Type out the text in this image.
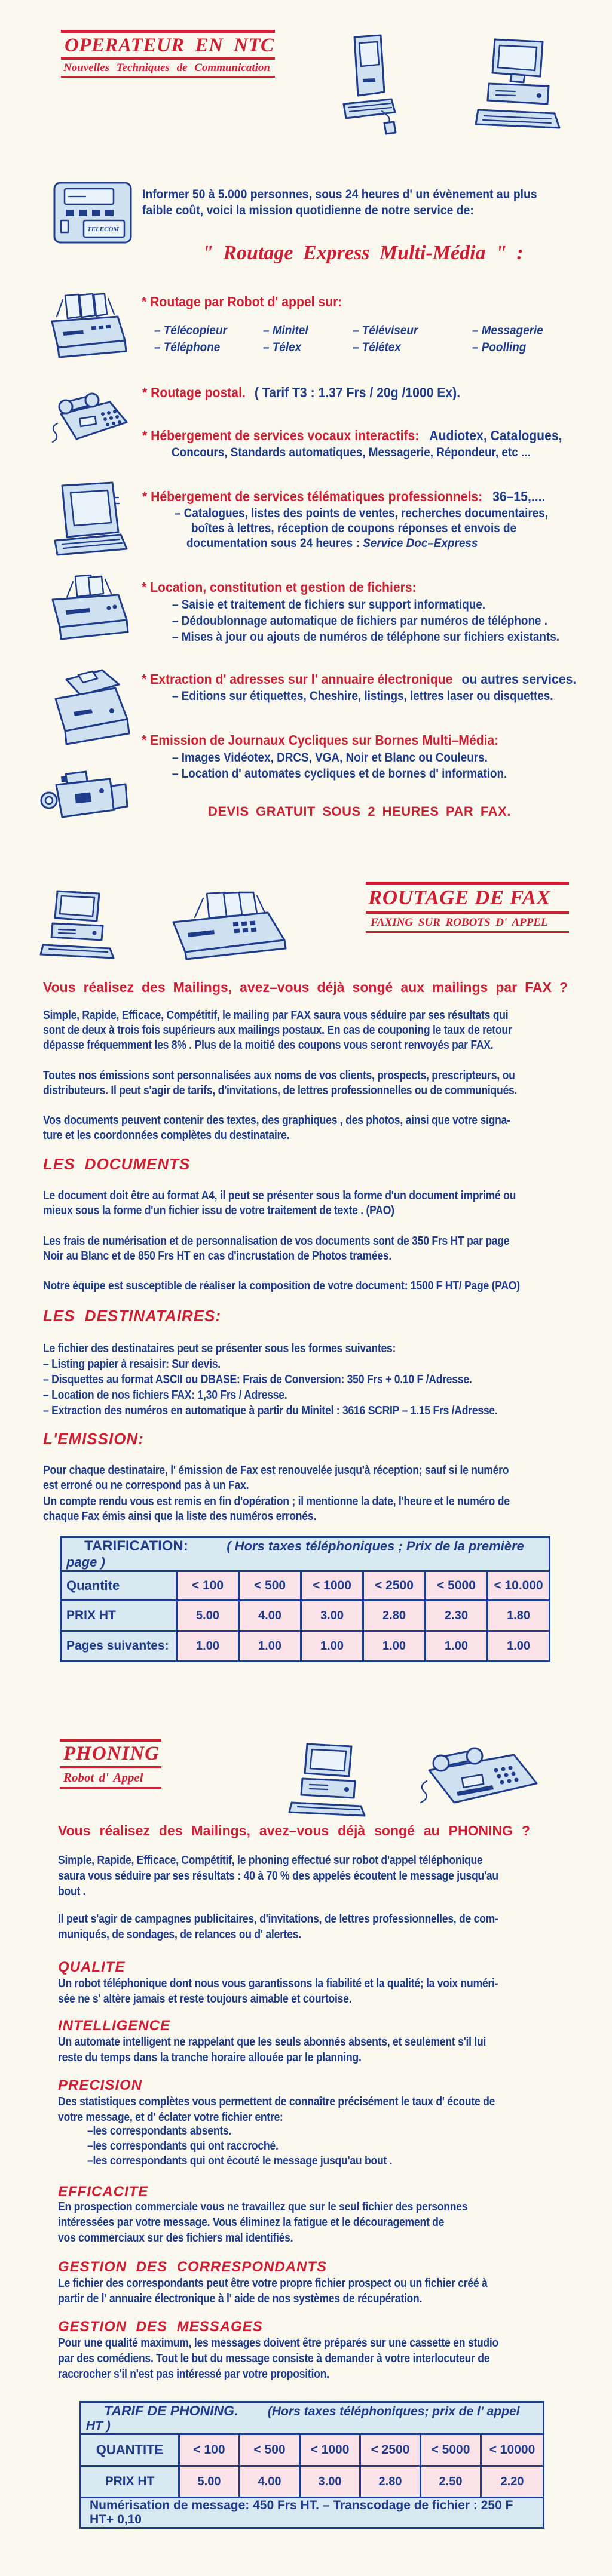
OPERATEUR EN NTC
Nouvelles Techniques de Communication
TELECOM
Informer 50 à 5.000 personnes, sous 24 heures d' un évènement au plus
faible coût, voici la mission quotidienne de notre service de:
" Routage Express Multi-Média " :
* Routage par Robot d' appel sur:
– Télécopieur	– Minitel	– Téléviseur	– Messagerie
– Téléphone	– Télex	– Télétex	– Poolling
* Routage postal. ( Tarif T3 : 1.37 Frs / 20g /1000 Ex).
* Hébergement de services vocaux interactifs: Audiotex, Catalogues,
Concours, Standards automatiques, Messagerie, Répondeur, etc ...
* Hébergement de services télématiques professionnels: 36–15,....
– Catalogues, listes des points de ventes, recherches documentaires,
boîtes à lettres, réception de coupons réponses et envois de
documentation sous 24 heures : Service Doc–Express
* Location, constitution et gestion de fichiers:
– Saisie et traitement de fichiers sur support informatique.
– Dédoublonnage automatique de fichiers par numéros de téléphone .
– Mises à jour ou ajouts de numéros de téléphone sur fichiers existants.
* Extraction d' adresses sur l' annuaire électronique ou autres services.
– Editions sur étiquettes, Cheshire, listings, lettres laser ou disquettes.
* Emission de Journaux Cycliques sur Bornes Multi–Média:
– Images Vidéotex, DRCS, VGA, Noir et Blanc ou Couleurs.
– Location d' automates cycliques et de bornes d' information.
DEVIS GRATUIT SOUS 2 HEURES PAR FAX.
ROUTAGE DE FAX
FAXING SUR ROBOTS D' APPEL
Vous réalisez des Mailings, avez–vous déjà songé aux mailings par FAX ?
Simple, Rapide, Efficace, Compétitif, le mailing par FAX saura vous séduire par ses résultats qui
sont de deux à trois fois supérieurs aux mailings postaux. En cas de couponing le taux de retour
dépasse fréquemment les 8% . Plus de la moitié des coupons vous seront renvoyés par FAX.
Toutes nos émissions sont personnalisées aux noms de vos clients, prospects, prescripteurs, ou
distributeurs. Il peut s'agir de tarifs, d'invitations, de lettres professionnelles ou de communiqués.
Vos documents peuvent contenir des textes, des graphiques , des photos, ainsi que votre signa-
ture et les coordonnées complètes du destinataire.
LES DOCUMENTS
Le document doit être au format A4, il peut se présenter sous la forme d'un document imprimé ou
mieux sous la forme d'un fichier issu de votre traitement de texte . (PAO)
Les frais de numérisation et de personnalisation de vos documents sont de 350 Frs HT par page
Noir au Blanc et de 850 Frs HT en cas d'incrustation de Photos tramées.
Notre équipe est susceptible de réaliser la composition de votre document: 1500 F HT/ Page (PAO)
LES DESTINATAIRES:
Le fichier des destinataires peut se présenter sous les formes suivantes:
– Listing papier à resaisir: Sur devis.
– Disquettes au format ASCII ou DBASE: Frais de Conversion: 350 Frs + 0.10 F /Adresse.
– Location de nos fichiers FAX: 1,30 Frs / Adresse.
– Extraction des numéros en automatique à partir du Minitel : 3616 SCRIP – 1.15 Frs /Adresse.
L'EMISSION:
Pour chaque destinataire, l' émission de Fax est renouvelée jusqu'à réception; sauf si le numéro
est erroné ou ne correspond pas à un Fax.
Un compte rendu vous est remis en fin d'opération ; il mentionne la date, l'heure et le numéro de
chaque Fax émis ainsi que la liste des numéros erronés.
TARIFICATION: ( Hors taxes téléphoniques ; Prix de la première page )						
Quantite	< 100	< 500	< 1000	< 2500	< 5000	< 10.000
PRIX HT	5.00	4.00	3.00	2.80	2.30	1.80
Pages suivantes:	1.00	1.00	1.00	1.00	1.00	1.00
PHONING
Robot d' Appel
Vous réalisez des Mailings, avez–vous déjà songé au PHONING ?
Simple, Rapide, Efficace, Compétitif, le phoning effectué sur robot d'appel téléphonique
saura vous séduire par ses résultats : 40 à 70 % des appelés écoutent le message jusqu'au
bout .
Il peut s'agir de campagnes publicitaires, d'invitations, de lettres professionnelles, de com-
muniqués, de sondages, de relances ou d' alertes.
QUALITE
Un robot téléphonique dont nous vous garantissons la fiabilité et la qualité; la voix numéri-
sée ne s' altère jamais et reste toujours aimable et courtoise.
INTELLIGENCE
Un automate intelligent ne rappelant que les seuls abonnés absents, et seulement s'il lui
reste du temps dans la tranche horaire allouée par le planning.
PRECISION
Des statistiques complètes vous permettent de connaître précisément le taux d' écoute de
votre message, et d' éclater votre fichier entre:
–les correspondants absents.
–les correspondants qui ont raccroché.
–les correspondants qui ont écouté le message jusqu'au bout .
EFFICACITE
En prospection commerciale vous ne travaillez que sur le seul fichier des personnes
intéressées par votre message. Vous éliminez la fatigue et le découragement de
vos commerciaux sur des fichiers mal identifiés.
GESTION DES CORRESPONDANTS
Le fichier des correspondants peut être votre propre fichier prospect ou un fichier créé à
partir de l' annuaire électronique à l' aide de nos systèmes de récupération.
GESTION DES MESSAGES
Pour une qualité maximum, les messages doivent être préparés sur une cassette en studio
par des comédiens. Tout le but du message consiste à demander à votre interlocuteur de
raccrocher s'il n'est pas intéressé par votre proposition.
TARIF DE PHONING. (Hors taxes téléphoniques; prix de l' appel HT )						
QUANTITE	< 100	< 500	< 1000	< 2500	< 5000	< 10000
PRIX HT	5.00	4.00	3.00	2.80	2.50	2.20
Numérisation de message: 450 Frs HT. – Transcodage de fichier : 250 F HT+ 0,10						
